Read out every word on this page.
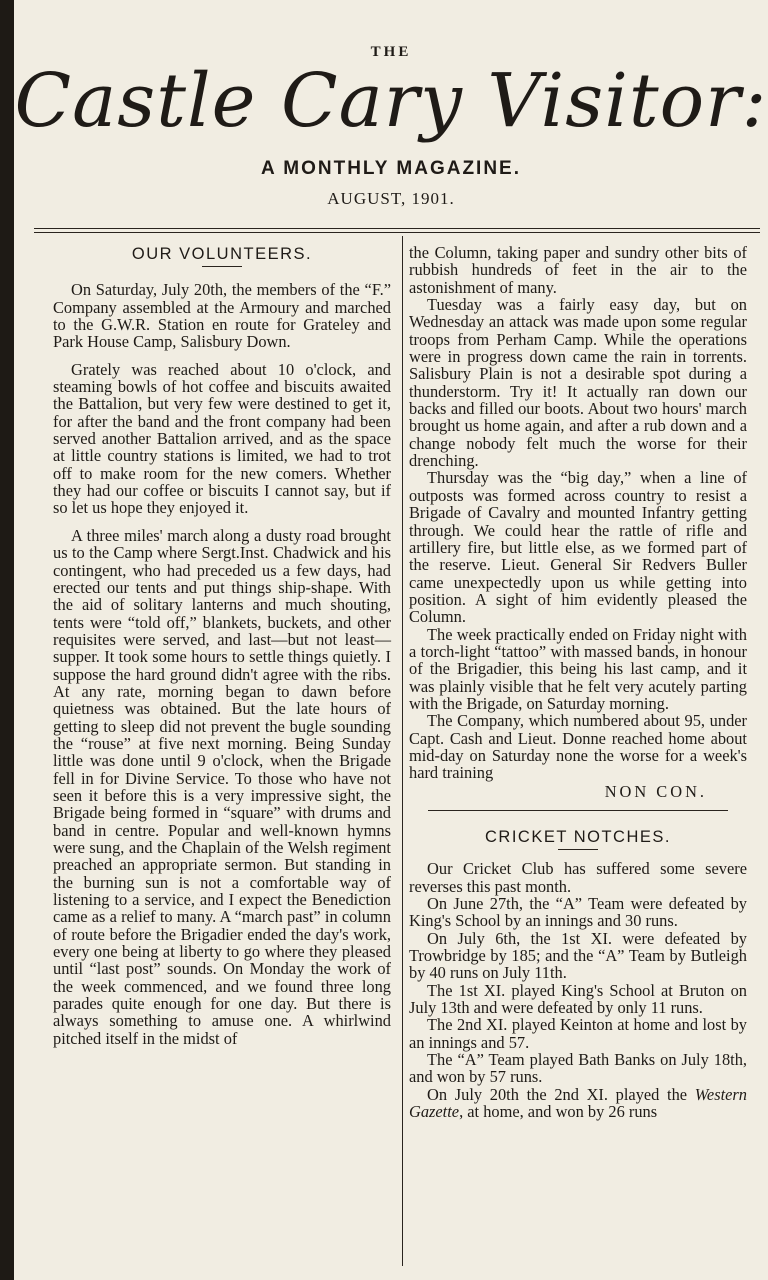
THE
Castle Cary Visitor:
A MONTHLY MAGAZINE.
AUGUST, 1901.
OUR VOLUNTEERS.

On Saturday, July 20th, the members of the “F.” Company assembled at the Armoury and marched to the G.W.R. Station en route for Grateley and Park House Camp, Salisbury Down.

Grately was reached about 10 o'clock, and steaming bowls of hot coffee and biscuits awaited the Battalion, but very few were destined to get it, for after the band and the front company had been served another Battalion arrived, and as the space at little country stations is limited, we had to trot off to make room for the new comers. Whether they had our coffee or biscuits I cannot say, but if so let us hope they enjoyed it.

A three miles' march along a dusty road brought us to the Camp where Sergt.Inst. Chadwick and his contingent, who had preceded us a few days, had erected our tents and put things ship-shape. With the aid of solitary lanterns and much shouting, tents were “told off,” blankets, buckets, and other requisites were served, and last—but not least—supper. It took some hours to settle things quietly. I suppose the hard ground didn't agree with the ribs. At any rate, morning began to dawn before quietness was obtained. But the late hours of getting to sleep did not prevent the bugle sounding the “rouse” at five next morning. Being Sunday little was done until 9 o'clock, when the Brigade fell in for Divine Service. To those who have not seen it before this is a very impressive sight, the Brigade being formed in “square” with drums and band in centre. Popular and well-known hymns were sung, and the Chaplain of the Welsh regiment preached an appropriate sermon. But standing in the burning sun is not a comfortable way of listening to a service, and I expect the Benediction came as a relief to many. A “march past” in column of route before the Brigadier ended the day's work, every one being at liberty to go where they pleased until “last post” sounds. On Monday the work of the week commenced, and we found three long parades quite enough for one day. But there is always something to amuse one. A whirlwind pitched itself in the midst of

the Column, taking paper and sundry other bits of rubbish hundreds of feet in the air to the astonishment of many.

Tuesday was a fairly easy day, but on Wednesday an attack was made upon some regular troops from Perham Camp. While the operations were in progress down came the rain in torrents. Salisbury Plain is not a desirable spot during a thunderstorm. Try it! It actually ran down our backs and filled our boots. About two hours' march brought us home again, and after a rub down and a change nobody felt much the worse for their drenching.

Thursday was the “big day,” when a line of outposts was formed across country to resist a Brigade of Cavalry and mounted Infantry getting through. We could hear the rattle of rifle and artillery fire, but little else, as we formed part of the reserve. Lieut. General Sir Redvers Buller came unexpectedly upon us while getting into position. A sight of him evidently pleased the Column.

The week practically ended on Friday night with a torch-light “tattoo” with massed bands, in honour of the Brigadier, this being his last camp, and it was plainly visible that he felt very acutely parting with the Brigade, on Saturday morning.

The Company, which numbered about 95, under Capt. Cash and Lieut. Donne reached home about mid-day on Saturday none the worse for a week's hard training

NON CON.
CRICKET NOTCHES.

Our Cricket Club has suffered some severe reverses this past month.

On June 27th, the “A” Team were defeated by King's School by an innings and 30 runs.

On July 6th, the 1st XI. were defeated by Trowbridge by 185; and the “A” Team by Butleigh by 40 runs on July 11th.

The 1st XI. played King's School at Bruton on July 13th and were defeated by only 11 runs.

The 2nd XI. played Keinton at home and lost by an innings and 57.

The “A” Team played Bath Banks on July 18th, and won by 57 runs.

On July 20th the 2nd XI. played the Western Gazette, at home, and won by 26 runs
